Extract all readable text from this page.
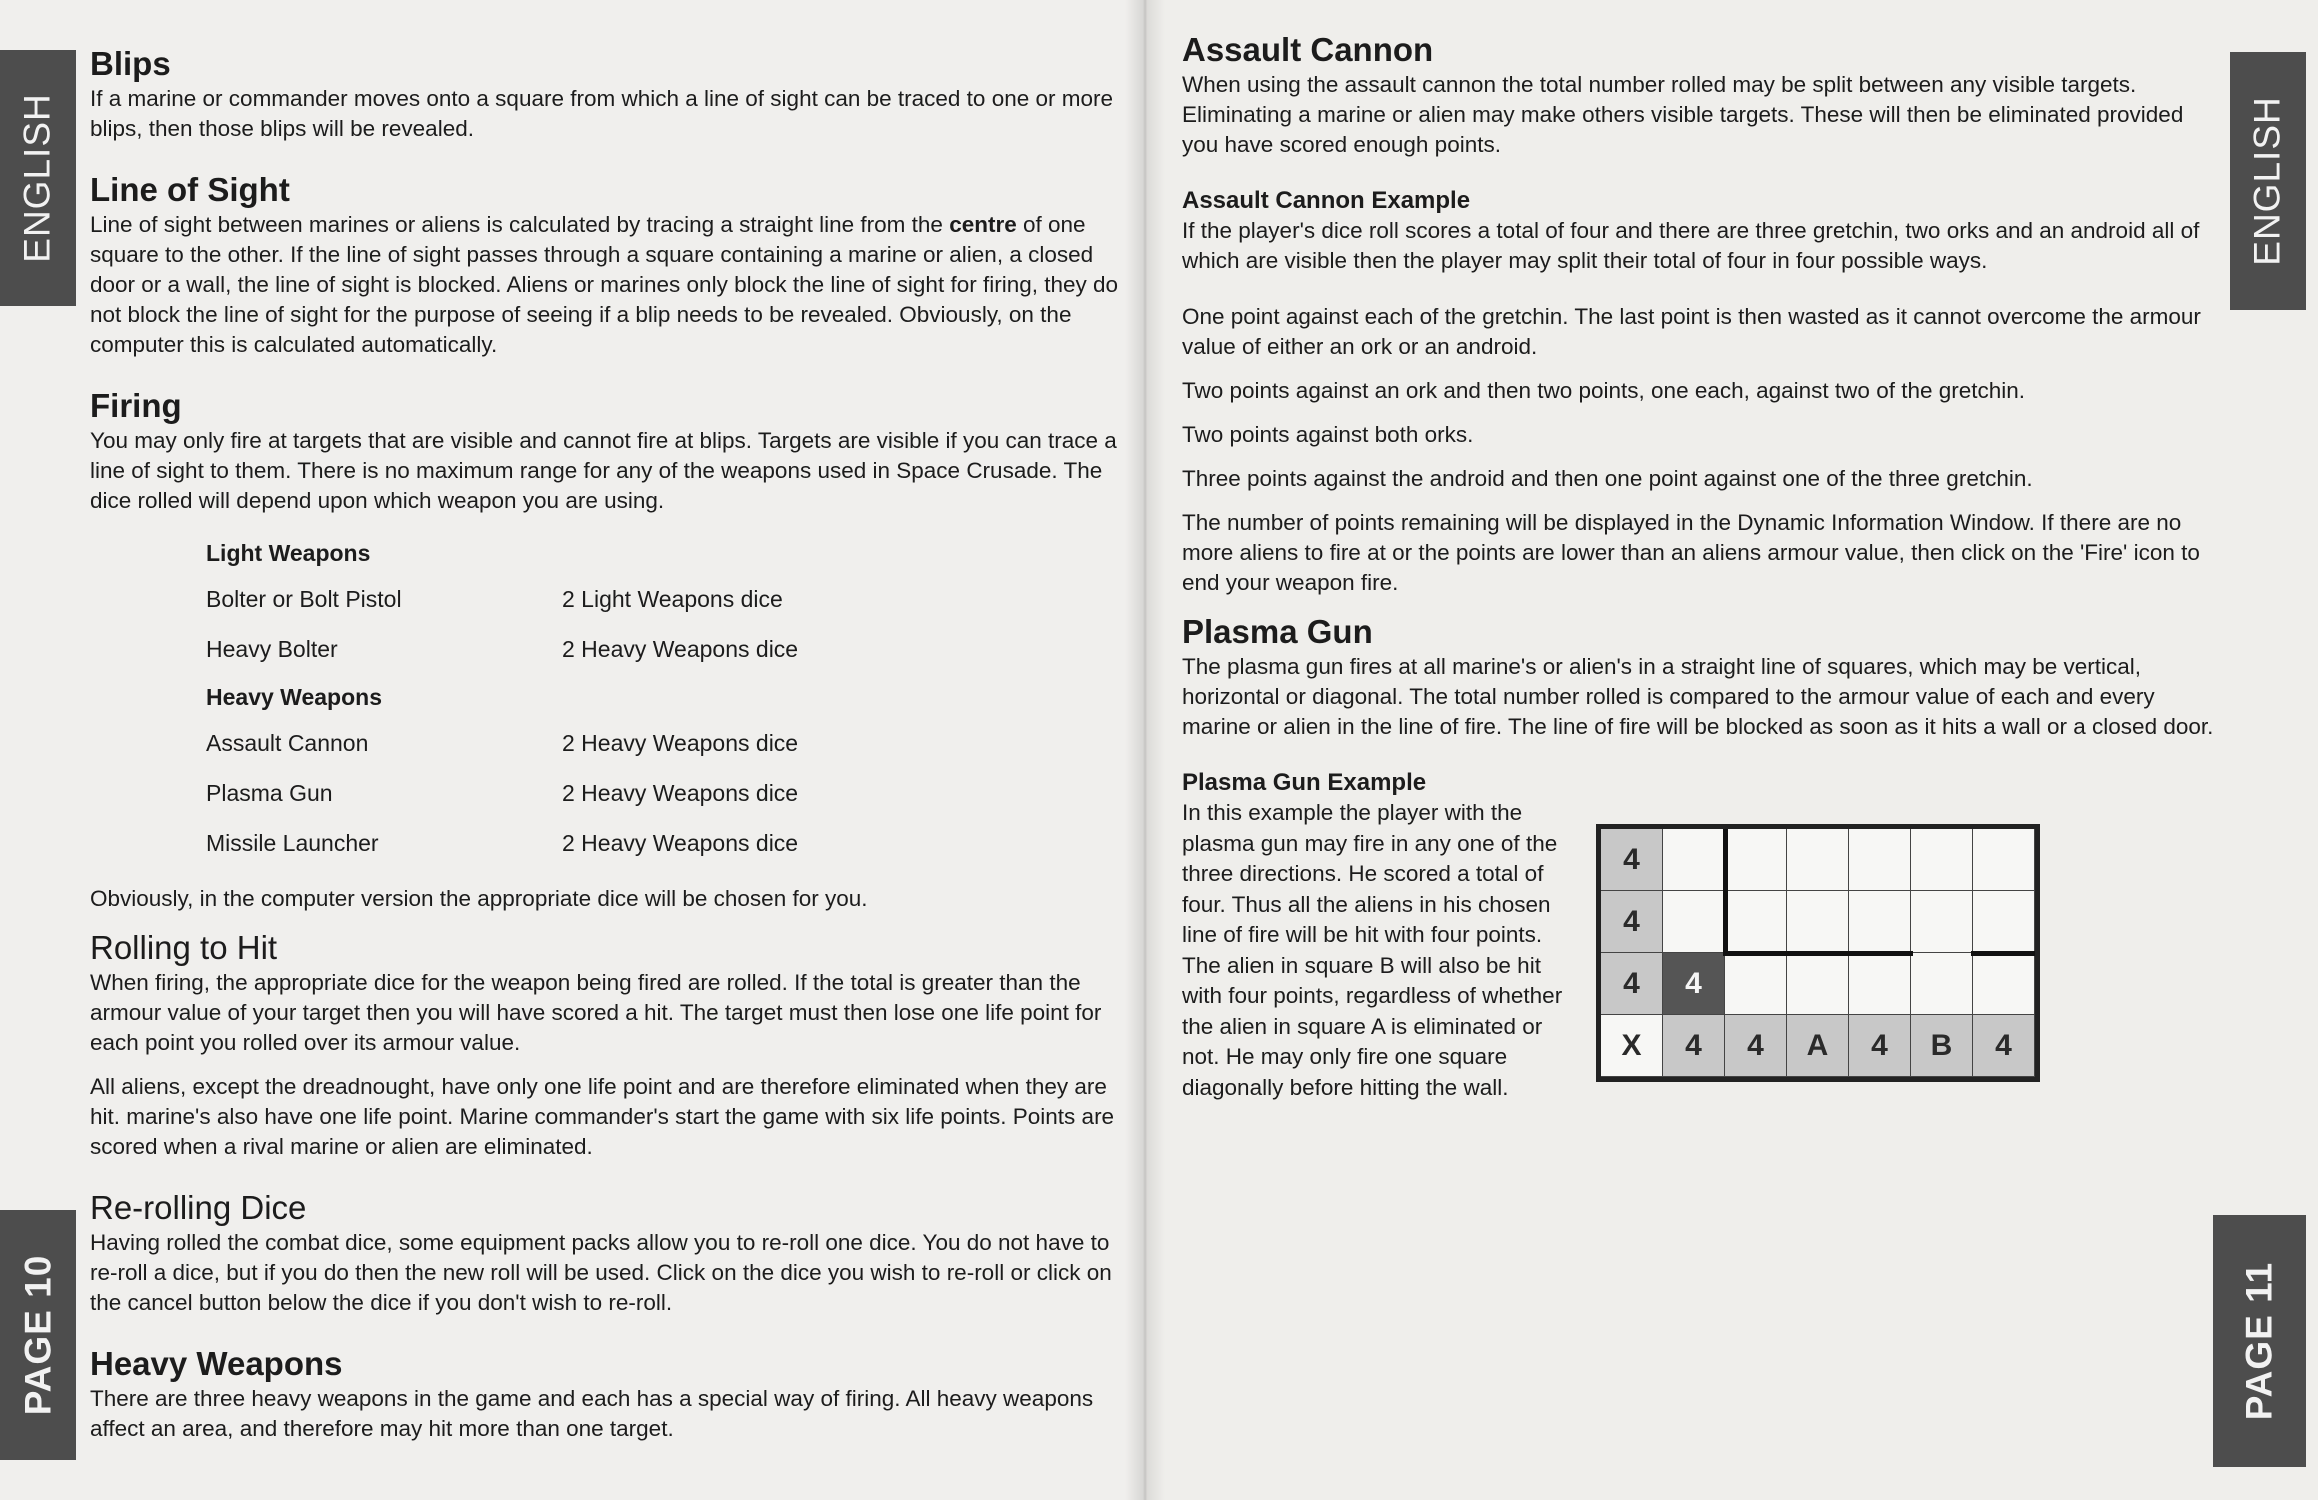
ENGLISH
PAGE 10
Blips

If a marine or commander moves onto a square from which a line of sight can be traced to one or more blips, then those blips will be revealed.

Line of Sight

Line of sight between marines or aliens is calculated by tracing a straight line from the centre of one square to the other. If the line of sight passes through a square containing a marine or alien, a closed door or a wall, the line of sight is blocked. Aliens or marines only block the line of sight for firing, they do not block the line of sight for the purpose of seeing if a blip needs to be revealed. Obviously, on the computer this is calculated automatically.

Firing

You may only fire at targets that are visible and cannot fire at blips. Targets are visible if you can trace a line of sight to them. There is no maximum range for any of the weapons used in Space Crusade. The dice rolled will depend upon which weapon you are using.

Light Weapons
Bolter or Bolt Pistol	2 Light Weapons dice
Heavy Bolter	2 Heavy Weapons dice
Heavy Weapons
Assault Cannon	2 Heavy Weapons dice
Plasma Gun	2 Heavy Weapons dice
Missile Launcher	2 Heavy Weapons dice

Obviously, in the computer version the appropriate dice will be chosen for you.

Rolling to Hit

When firing, the appropriate dice for the weapon being fired are rolled. If the total is greater than the armour value of your target then you will have scored a hit. The target must then lose one life point for each point you rolled over its armour value.

All aliens, except the dreadnought, have only one life point and are therefore eliminated when they are hit. marine's also have one life point. Marine commander's start the game with six life points. Points are scored when a rival marine or alien are eliminated.

Re-rolling Dice

Having rolled the combat dice, some equipment packs allow you to re-roll one dice. You do not have to re-roll a dice, but if you do then the new roll will be used. Click on the dice you wish to re-roll or click on the cancel button below the dice if you don't wish to re-roll.

Heavy Weapons

There are three heavy weapons in the game and each has a special way of firing. All heavy weapons affect an area, and therefore may hit more than one target.

ENGLISH
PAGE 11
Assault Cannon

When using the assault cannon the total number rolled may be split between any visible targets. Eliminating a marine or alien may make others visible targets. These will then be eliminated provided you have scored enough points.

Assault Cannon Example

If the player's dice roll scores a total of four and there are three gretchin, two orks and an android all of which are visible then the player may split their total of four in four possible ways.

One point against each of the gretchin. The last point is then wasted as it cannot overcome the armour value of either an ork or an android.

Two points against an ork and then two points, one each, against two of the gretchin.

Two points against both orks.

Three points against the android and then one point against one of the three gretchin.

The number of points remaining will be displayed in the Dynamic Information Window. If there are no more aliens to fire at or the points are lower than an aliens armour value, then click on the 'Fire' icon to end your weapon fire.

Plasma Gun

The plasma gun fires at all marine's or alien's in a straight line of squares, which may be vertical, horizontal or diagonal. The total number rolled is compared to the armour value of each and every marine or alien in the line of fire. The line of fire will be blocked as soon as it hits a wall or a closed door.

Plasma Gun Example
In this example the player with the plasma gun may fire in any one of the three directions. He scored a total of four. Thus all the aliens in his chosen line of fire will be hit with four points. The alien in square B will also be hit with four points, regardless of whether the alien in square A is eliminated or not. He may only fire one square diagonally before hitting the wall.
4
4
4	4
X	4	4	A	4	B	4
